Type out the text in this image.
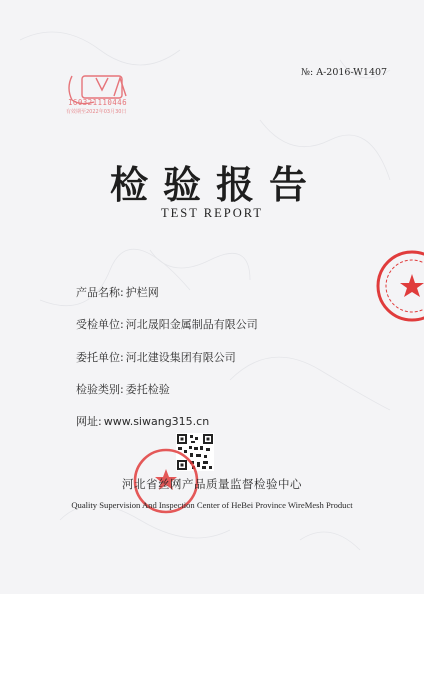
160321110446
有效期至2022年03月30日
№: A-2016-W1407
检验报告
TEST REPORT
产品名称: 护栏网
受检单位: 河北晟阳金属制品有限公司
委托单位: 河北建设集团有限公司
检验类别: 委托检验
网址: www.siwang315.cn
河北省丝网产品质量监督检验中心
Quality Supervision And Inspection Center of HeBei Province WireMesh Product
